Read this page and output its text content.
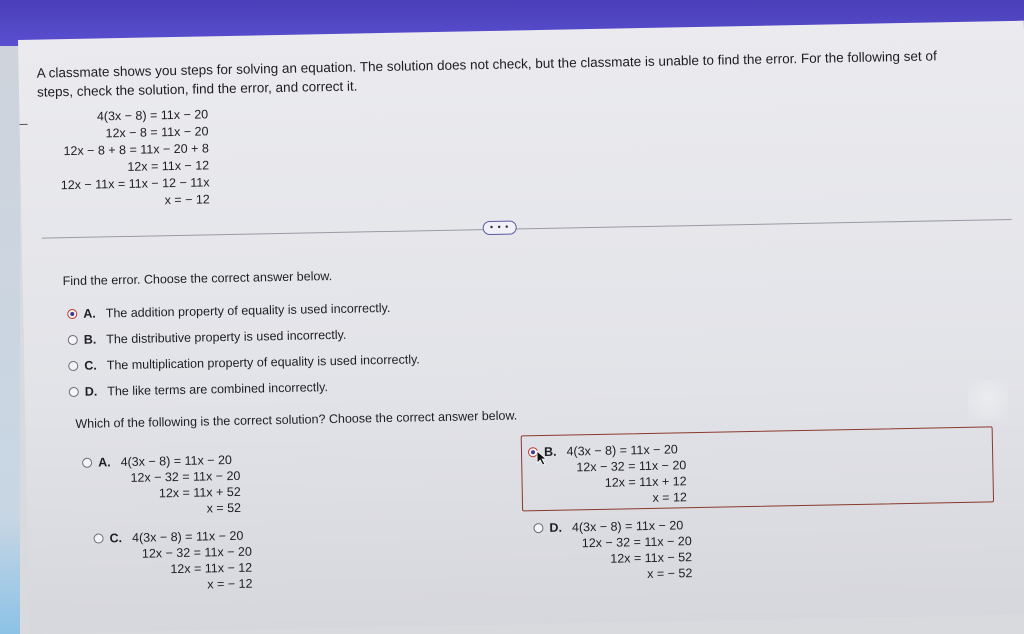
A classmate shows you steps for solving an equation. The solution does not check, but the classmate is unable to find the error. For the following set of steps, check the solution, find the error, and correct it.
4(3x − 8) = 11x − 20
12x − 8 = 11x − 20
12x − 8 + 8 = 11x − 20 + 8
12x = 11x − 12
12x − 11x = 11x − 12 − 11x
x = − 12
• • •
Find the error. Choose the correct answer below.
A. The addition property of equality is used incorrectly.
B. The distributive property is used incorrectly.
C. The multiplication property of equality is used incorrectly.
D. The like terms are combined incorrectly.
Which of the following is the correct solution? Choose the correct answer below.
A. 4(3x − 8) = 11x − 20
12x − 32 = 11x − 20
12x = 11x + 52
x = 52
B. 4(3x − 8) = 11x − 20
12x − 32 = 11x − 20
12x = 11x + 12
x = 12
C. 4(3x − 8) = 11x − 20
12x − 32 = 11x − 20
12x = 11x − 12
x = − 12
D. 4(3x − 8) = 11x − 20
12x − 32 = 11x − 20
12x = 11x − 52
x = − 52
